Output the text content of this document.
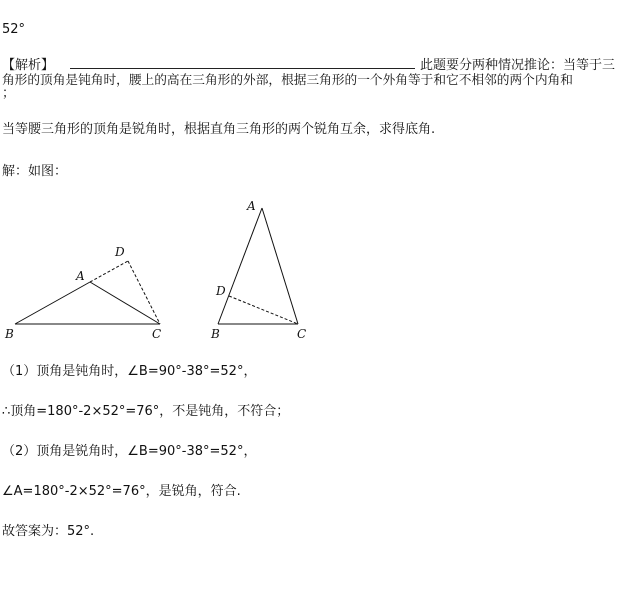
52°
【解析】	此题要分两种情况推论：当等于三
角形的顶角是钝角时，腰上的高在三角形的外部，根据三角形的一个外角等于和它不相邻的两个内角和
；
当等腰三角形的顶角是锐角时，根据直角三角形的两个锐角互余，求得底角.
解：如图：
A
B	C
D
A
B	C
D
（1）顶角是钝角时，∠B=90°-38°=52°，
∴顶角=180°-2×52°=76°，不是钝角，不符合；
（2）顶角是锐角时，∠B=90°-38°=52°，
∠A=180°-2×52°=76°，是锐角，符合.
故答案为：52°.
